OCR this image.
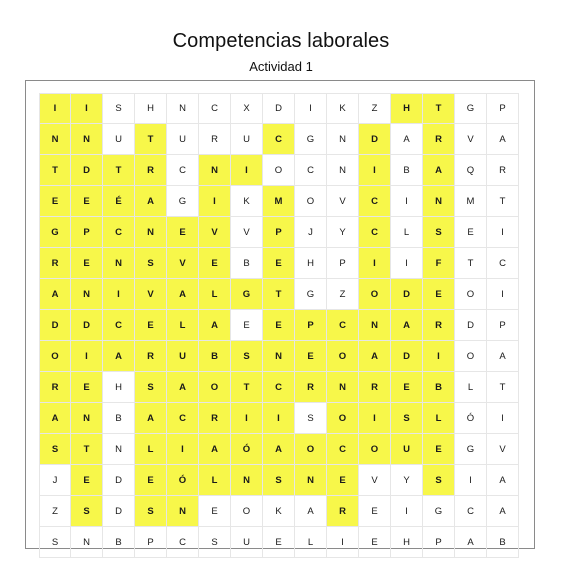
Competencias laborales
Actividad 1
I	I	S	H	N	C	X	D	I	K	Z	H	T	G	P
N	N	U	T	U	R	U	C	G	N	D	A	R	V	A
T	D	T	R	C	N	I	O	C	N	I	B	A	Q	R
E	E	É	A	G	I	K	M	O	V	C	I	N	M	T
G	P	C	N	E	V	V	P	J	Y	C	L	S	E	I
R	E	N	S	V	E	B	E	H	P	I	I	F	T	C
A	N	I	V	A	L	G	T	G	Z	O	D	E	O	I
D	D	C	E	L	A	E	E	P	C	N	A	R	D	P
O	I	A	R	U	B	S	N	E	O	A	D	I	O	A
R	E	H	S	A	O	T	C	R	N	R	E	B	L	T
A	N	B	A	C	R	I	I	S	O	I	S	L	Ó	I
S	T	N	L	I	A	Ó	A	O	C	O	U	E	G	V
J	E	D	E	Ó	L	N	S	N	E	V	Y	S	I	A
Z	S	D	S	N	E	O	K	A	R	E	I	G	C	A
S	N	B	P	C	S	U	E	L	I	E	H	P	A	B
